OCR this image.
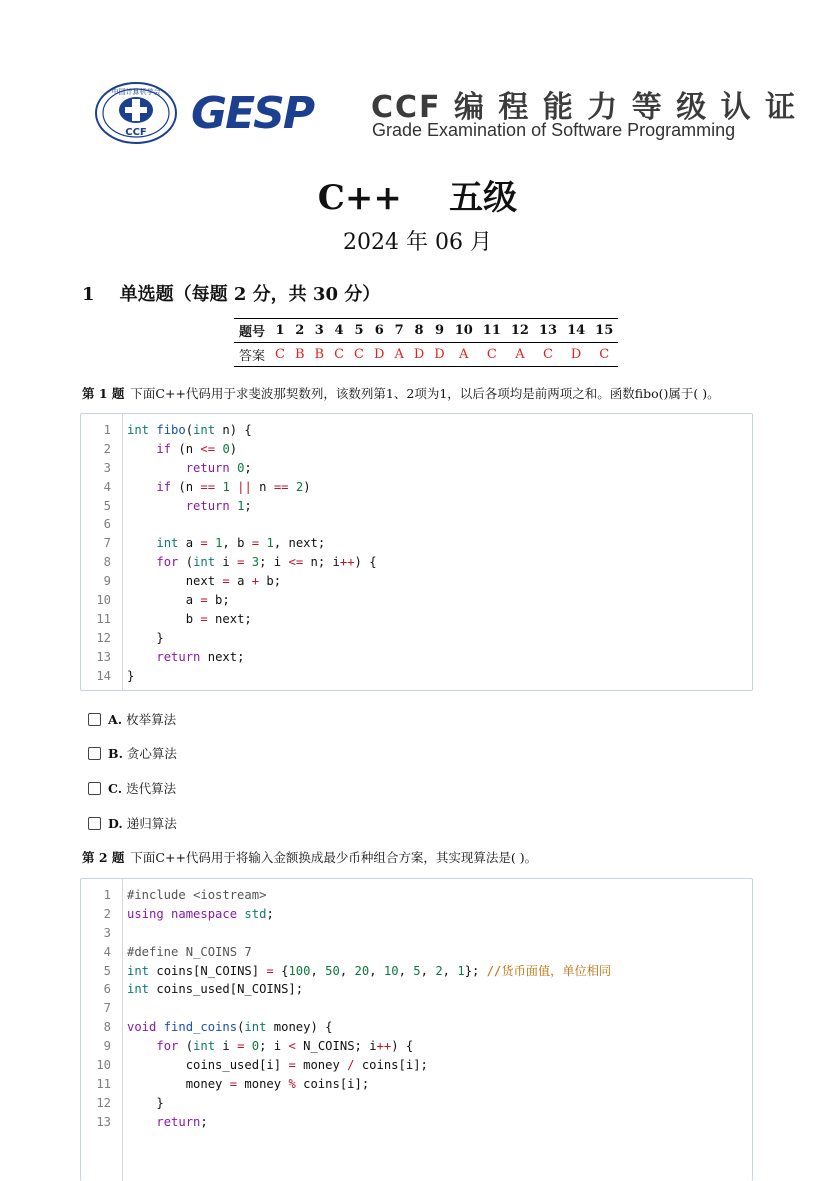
中国计算机学会
CCF GESP CCF 编 程 能 力 等 级 认 证
Grade Examination of Software Programming
C++    五级
2024 年 06 月
1    单选题（每题 2 分，共 30 分）
题号	1	2	3	4	5	6	7	8	9	10	11	12	13	14	15
答案	C	B	B	C	C	D	A	D	D	A	C	A	C	D	C
第 1 题 下面C++代码用于求斐波那契数列，该数列第1、2项为1，以后各项均是前两项之和。函数fibo()属于( )。
1 int fibo(int n) {
2	if (n <= 0)
3	return 0;
4	if (n == 1 || n == 2)
5	return 1;
6
7	int a = 1, b = 1, next;
8	for (int i = 3; i <= n; i++) {
9 next = a + b;
10 a = b;
11 b = next;
12 }
13	return next;
14 }
A. 枚举算法
B. 贪心算法
C. 迭代算法
D. 递归算法
第 2 题 下面C++代码用于将输入金额换成最少币种组合方案，其实现算法是( )。
1 #include <iostream>
2 using namespace std;
3
4 #define N_COINS 7
5 int coins[N_COINS] = {100, 50, 20, 10, 5, 2, 1}; //货币面值，单位相同
6 int coins_used[N_COINS];
7
8 void find_coins(int money) {
9	for (int i = 0; i < N_COINS; i++) {
10 coins_used[i] = money / coins[i];
11 money = money % coins[i];
12 }
13	return;
